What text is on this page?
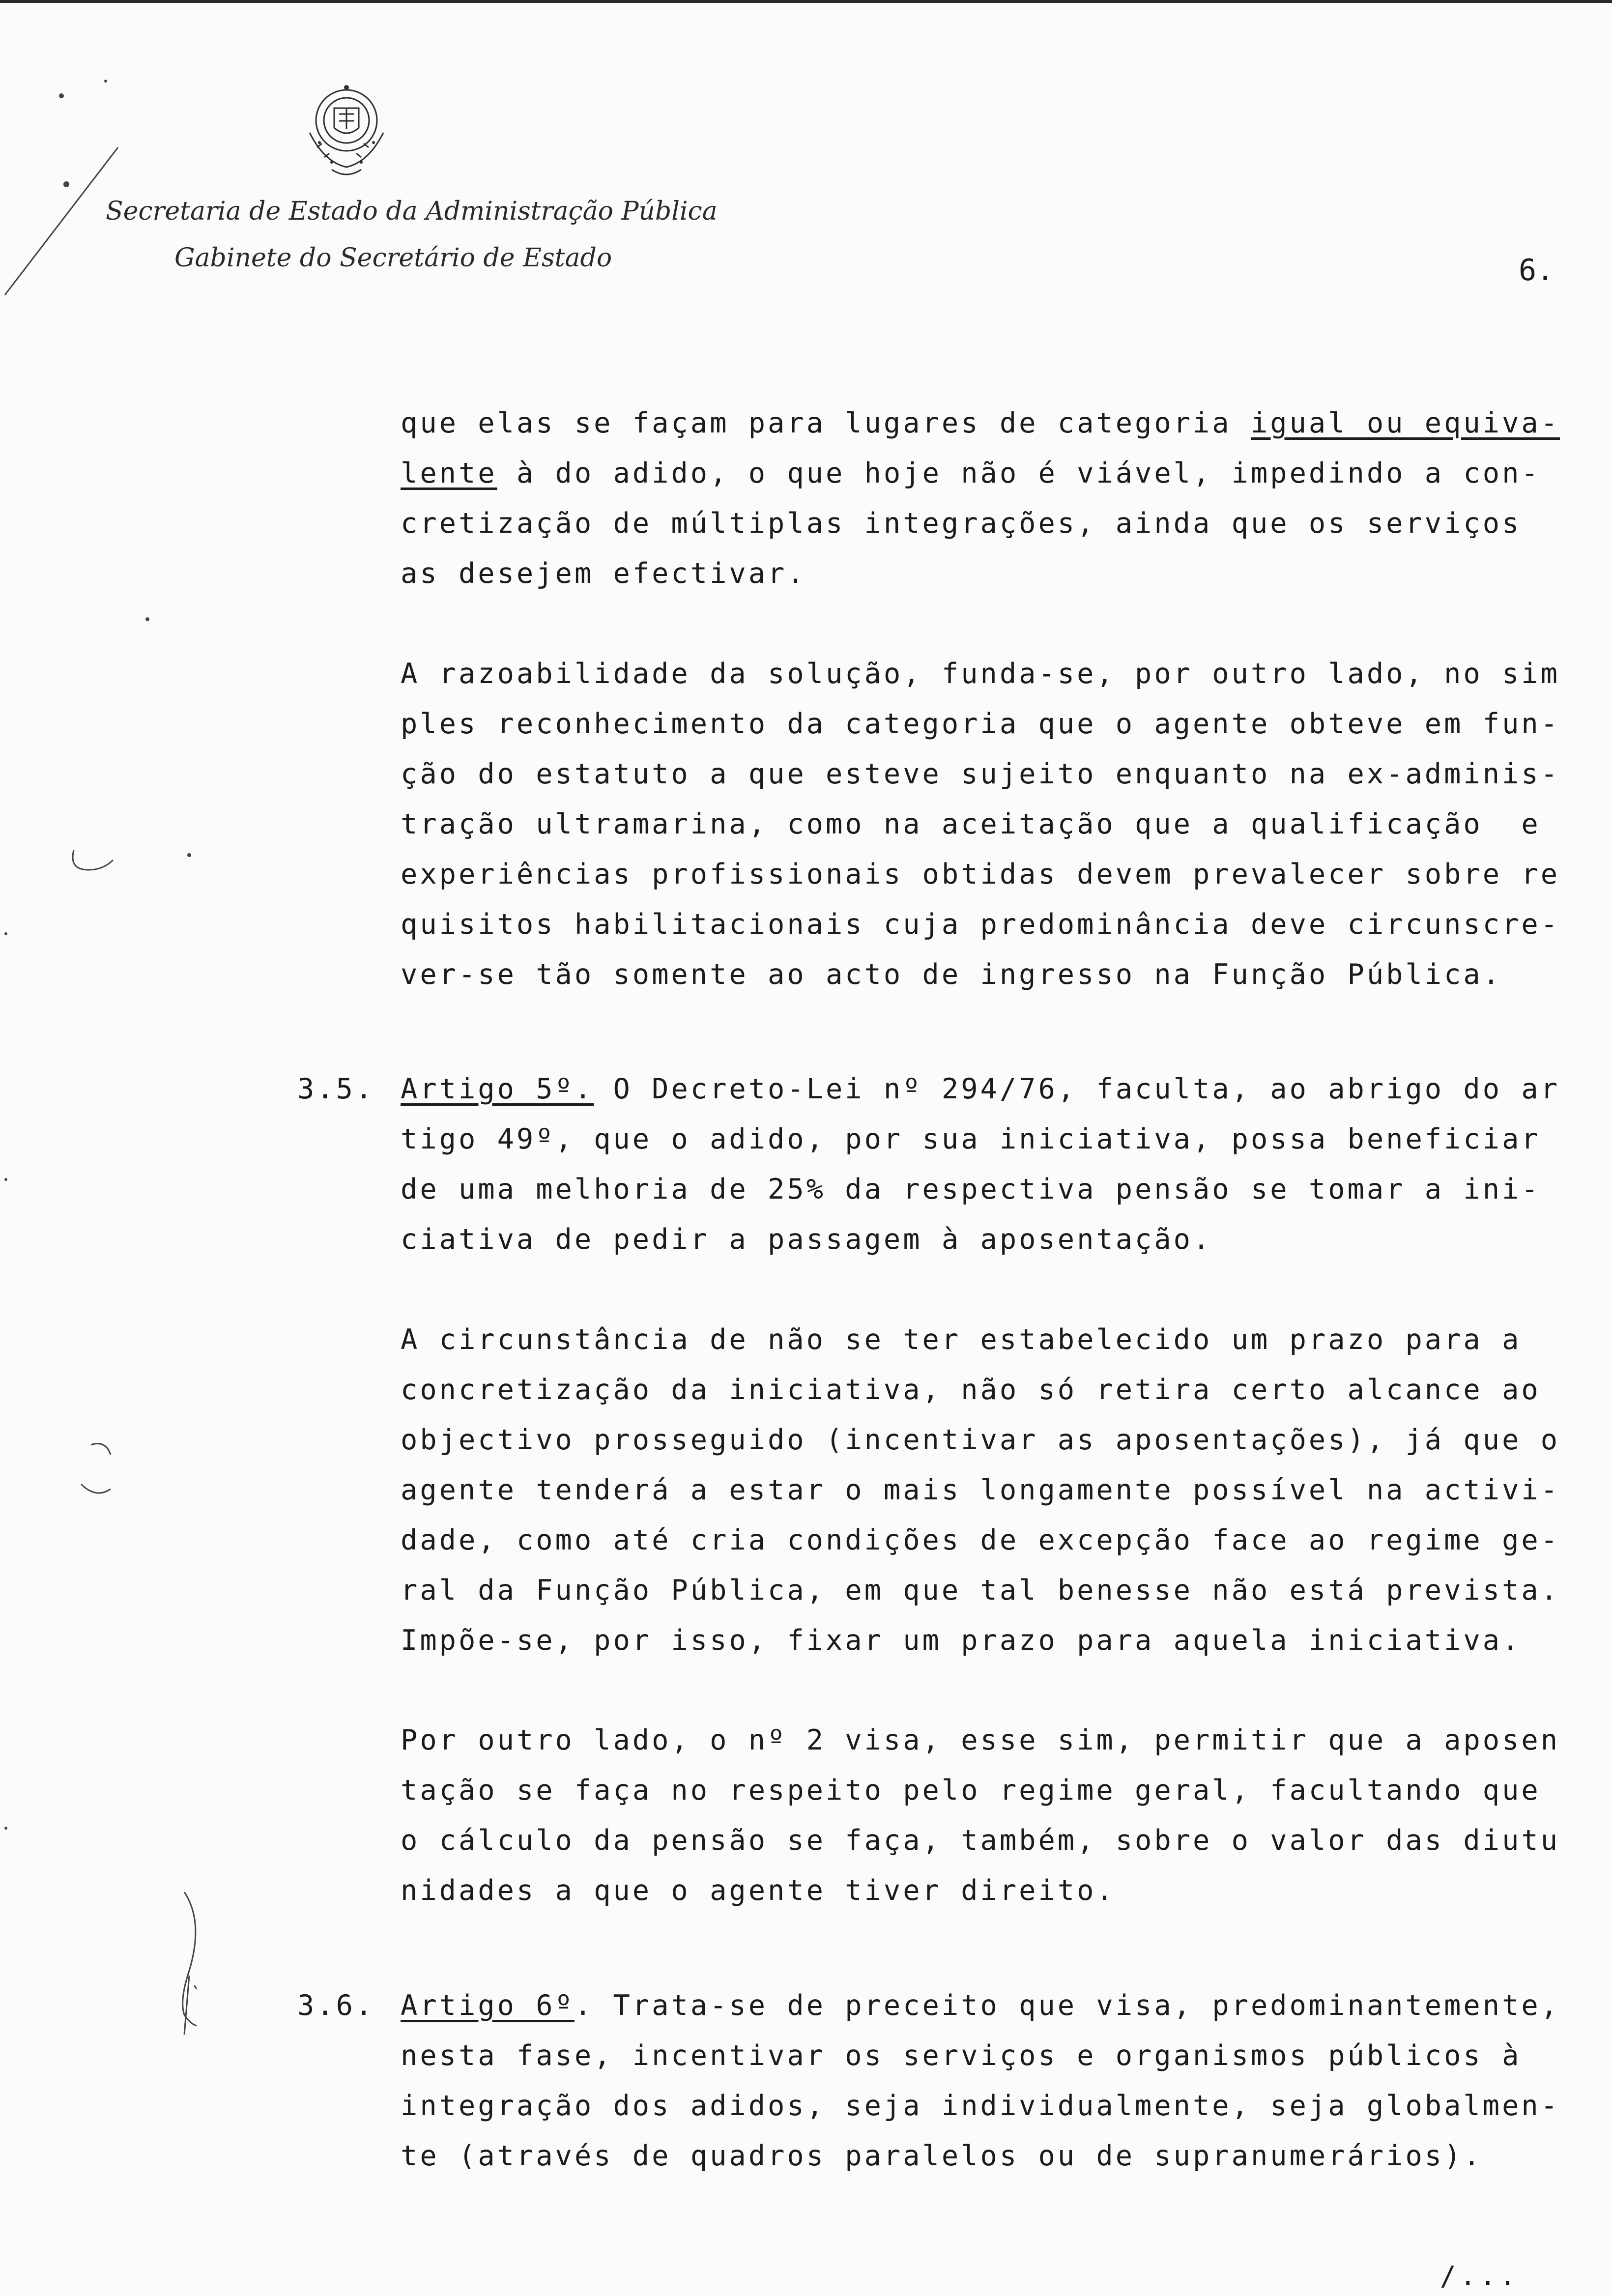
Secretaria de Estado da Administração Pública
Gabinete do Secretário de Estado	6.

que elas se façam para lugares de categoria igual ou equiva-
lente à do adido, o que hoje não é viável, impedindo a con-
cretização de múltiplas integrações, ainda que os serviços
as desejem efectivar.

A razoabilidade da solução, funda-se, por outro lado, no sim
ples reconhecimento da categoria que o agente obteve em fun-
ção do estatuto a que esteve sujeito enquanto na ex-adminis-
tração ultramarina, como na aceitação que a qualificação  e
experiências profissionais obtidas devem prevalecer sobre re
quisitos habilitacionais cuja predominância deve circunscre-
ver-se tão somente ao acto de ingresso na Função Pública.

3.5. Artigo 5º. O Decreto-Lei nº 294/76, faculta, ao abrigo do ar
tigo 49º, que o adido, por sua iniciativa, possa beneficiar
de uma melhoria de 25% da respectiva pensão se tomar a ini-
ciativa de pedir a passagem à aposentação.

A circunstância de não se ter estabelecido um prazo para a
concretização da iniciativa, não só retira certo alcance ao
objectivo prosseguido (incentivar as aposentações), já que o
agente tenderá a estar o mais longamente possível na activi-
dade, como até cria condições de excepção face ao regime ge-
ral da Função Pública, em que tal benesse não está prevista.
Impõe-se, por isso, fixar um prazo para aquela iniciativa.

Por outro lado, o nº 2 visa, esse sim, permitir que a aposen
tação se faça no respeito pelo regime geral, facultando que
o cálculo da pensão se faça, também, sobre o valor das diutu
nidades a que o agente tiver direito.

3.6. Artigo 6º. Trata-se de preceito que visa, predominantemente,
nesta fase, incentivar os serviços e organismos públicos à
integração dos adidos, seja individualmente, seja globalmen-
te (através de quadros paralelos ou de supranumerários).

/...
